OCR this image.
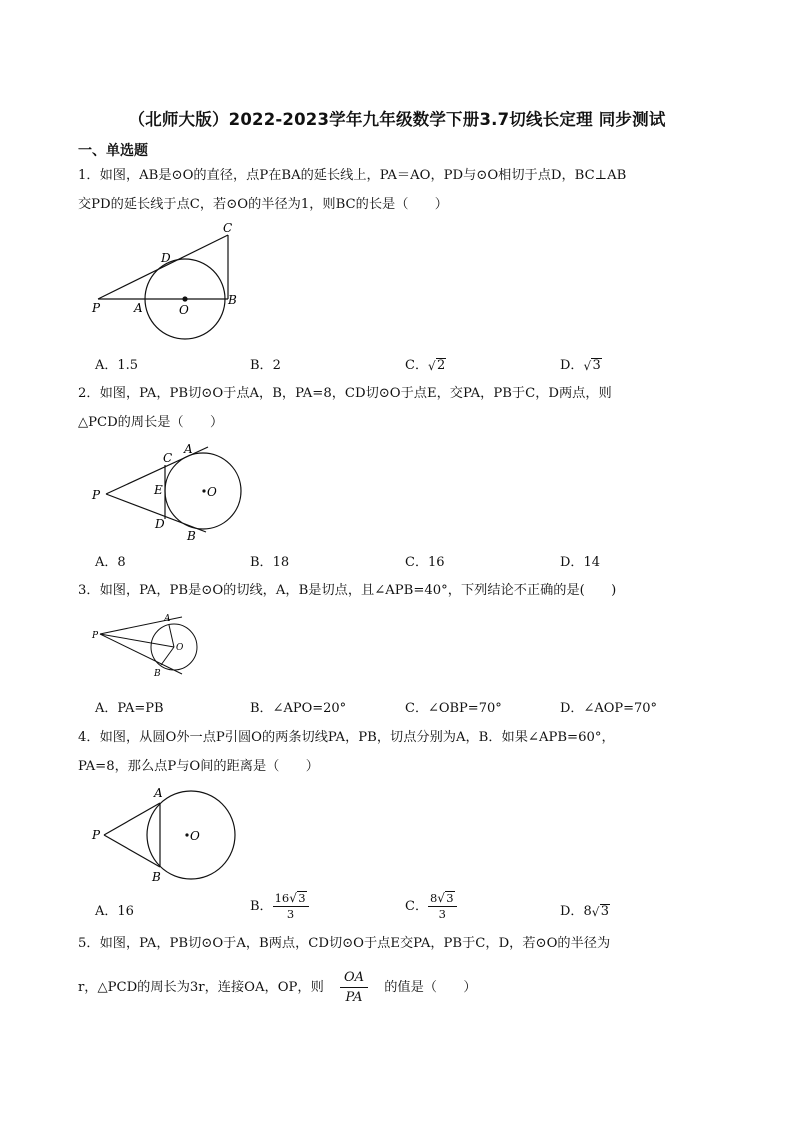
（北师大版）2022-2023学年九年级数学下册3.7切线长定理 同步测试
一、单选题
1．如图，AB是⊙O的直径，点P在BA的延长线上，PA＝AO，PD与⊙O相切于点D，BC⊥AB
交PD的延长线于点C，若⊙O的半径为1，则BC的长是（　　）
C
D
P	A	O
B
A．1.5	B．2	C． √ 2	D． √ 3
2．如图，PA，PB切⊙O于点A，B，PA=8，CD切⊙O于点E，交PA，PB于C，D两点，则
△PCD的周长是（　　）
A
C
E
P	O
D
B
A．8	B．18	C．16	D．14
3．如图，PA，PB是⊙O的切线，A，B是切点，且∠APB=40°，下列结论不正确的是(　　)
A
P
O
B
A．PA=PB	B．∠APO=20°	C．∠OBP=70°	D．∠AOP=70°
4．如图，从圆O外一点P引圆O的两条切线PA，PB，切点分别为A，B．如果∠APB=60°，
PA=8，那么点P与O间的距离是（　　）
A
P	O
B
A．16	B． $\frac{16 √ 3}{3}$	C． $\frac{8 √ 3}{3}$	D．8 √ 3
5．如图，PA，PB切⊙O于A，B两点，CD切⊙O于点E交PA，PB于C，D，若⊙O的半径为
r，△PCD的周长为3r，连接OA，OP，则 $\frac{OA}{PA}$ 的值是（　　）
